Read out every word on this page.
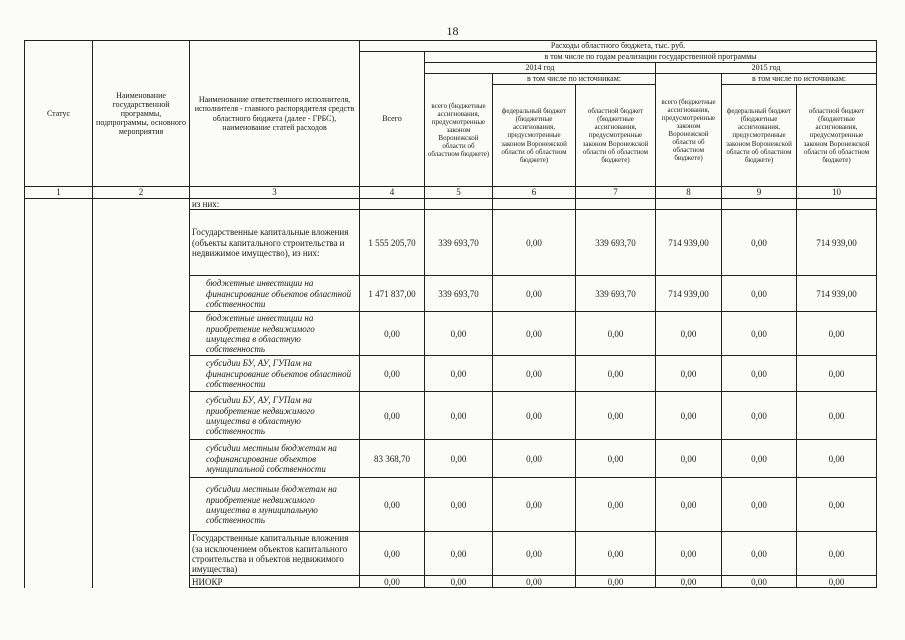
18
Статус	Наименование государственной программы, подпрограммы, основного мероприятия	Наименование ответственного исполнителя, исполнителя - главного распорядителя средств областного бюджета (далее - ГРБС), наименование статей расходов	Расходы областного бюджета, тыс. руб.						
			Всего	в том числе по годам реализации государственной программы					
				2014 год			2015 год		
				всего (бюджетные ассигнования, предусмотренные законом Воронежской области об областном бюджете)	в том числе по источникам:		всего (бюджетные ассигнования, предусмотренные законом Воронежской области об областном бюджете)	в том числе по источникам:	
					федеральный бюджет (бюджетные ассигнования, предусмотренные законом Воронежской области об областном бюджете)	областной бюджет (бюджетные ассигнования, предусмотренные законом Воронежской области об областном бюджете)		федеральный бюджет (бюджетные ассигнования, предусмотренные законом Воронежской области об областном бюджете)	областной бюджет (бюджетные ассигнования, предусмотренные законом Воронежской области об областном бюджете)
1	2	3	4	5	6	7	8	9	10
		из них:							
		Государственные капитальные вложения (объекты капитального строительства и недвижимое имущество), из них:	1 555 205,70	339 693,70	0,00	339 693,70	714 939,00	0,00	714 939,00
		бюджетные инвестиции на финансирование объектов областной собственности	1 471 837,00	339 693,70	0,00	339 693,70	714 939,00	0,00	714 939,00
		бюджетные инвестиции на приобретение недвижимого имущества в областную собственность	0,00	0,00	0,00	0,00	0,00	0,00	0,00
		субсидии БУ, АУ, ГУПам на финансирование объектов областной собственности	0,00	0,00	0,00	0,00	0,00	0,00	0,00
		субсидии БУ, АУ, ГУПам на приобретение недвижимого имущества в областную собственность	0,00	0,00	0,00	0,00	0,00	0,00	0,00
		субсидии местным бюджетам на софинансирование объектов муниципальной собственности	83 368,70	0,00	0,00	0,00	0,00	0,00	0,00
		субсидии местным бюджетам на приобретение недвижимого имущества в муниципальную собственность	0,00	0,00	0,00	0,00	0,00	0,00	0,00
		Государственные капитальные вложения (за исключением объектов капитального строительства и объектов недвижимого имущества)	0,00	0,00	0,00	0,00	0,00	0,00	0,00
		НИОКР	0,00	0,00	0,00	0,00	0,00	0,00	0,00
